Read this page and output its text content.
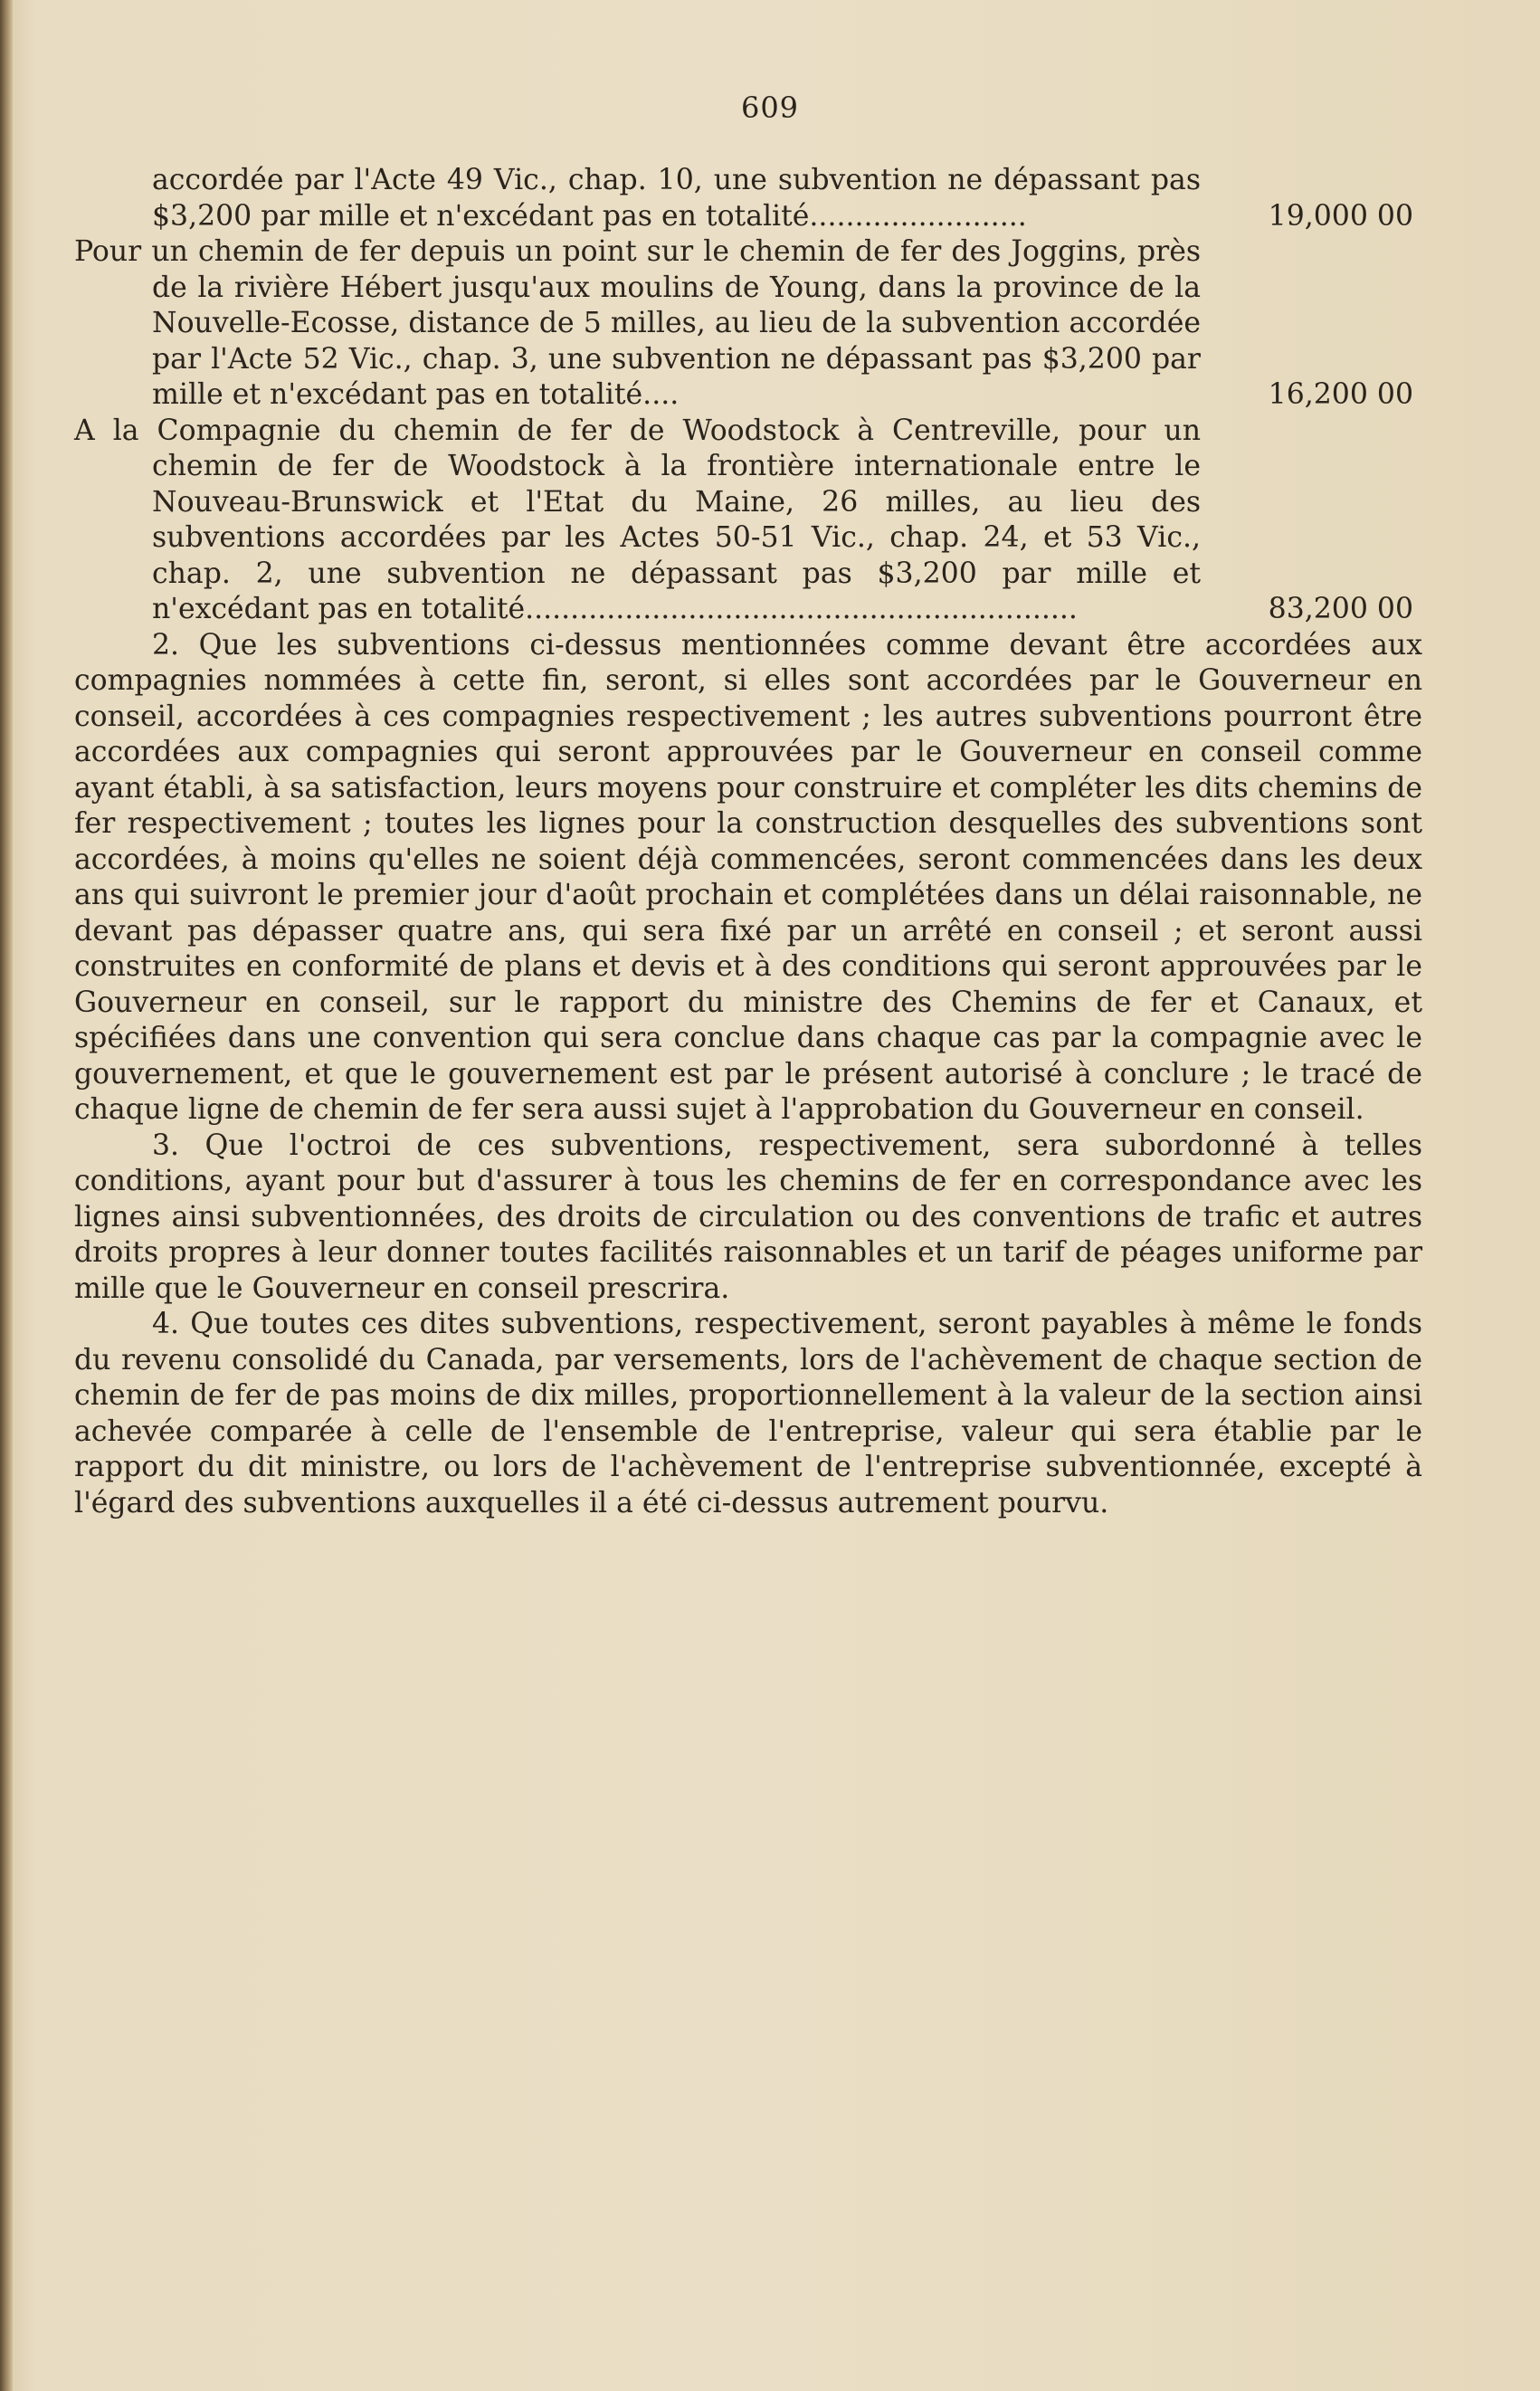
609
accordée par l'Acte 49 Vic., chap. 10, une subvention ne dépassant pas $3,200 par mille et n'excédant pas en totalité........................	19,000 00
Pour un chemin de fer depuis un point sur le chemin de fer des Joggins, près de la rivière Hébert jusqu'aux moulins de Young, dans la province de la Nouvelle-Ecosse, distance de 5 milles, au lieu de la subvention accordée par l'Acte 52 Vic., chap. 3, une subvention ne dépassant pas $3,200 par mille et n'excédant pas en totalité....	16,200 00
A la Compagnie du chemin de fer de Woodstock à Centreville, pour un chemin de fer de Woodstock à la frontière internationale entre le Nouveau-Brunswick et l'Etat du Maine, 26 milles, au lieu des subventions accordées par les Actes 50-51 Vic., chap. 24, et 53 Vic., chap. 2, une subvention ne dépassant pas $3,200 par mille et n'excédant pas en totalité.............................................................	83,200 00

2. Que les subventions ci-dessus mentionnées comme devant être accordées aux compagnies nommées à cette fin, seront, si elles sont accordées par le Gouverneur en conseil, accordées à ces compagnies respectivement ; les autres subventions pourront être accordées aux compagnies qui seront approuvées par le Gouverneur en conseil comme ayant établi, à sa satisfaction, leurs moyens pour construire et compléter les dits chemins de fer respectivement ; toutes les lignes pour la construction desquelles des subventions sont accordées, à moins qu'elles ne soient déjà commencées, seront commencées dans les deux ans qui suivront le premier jour d'août prochain et complétées dans un délai raisonnable, ne devant pas dépasser quatre ans, qui sera fixé par un arrêté en conseil ; et seront aussi construites en conformité de plans et devis et à des conditions qui seront approuvées par le Gouverneur en conseil, sur le rapport du ministre des Chemins de fer et Canaux, et spécifiées dans une convention qui sera conclue dans chaque cas par la compagnie avec le gouvernement, et que le gouvernement est par le présent autorisé à conclure ; le tracé de chaque ligne de chemin de fer sera aussi sujet à l'approbation du Gouverneur en conseil.

3. Que l'octroi de ces subventions, respectivement, sera subordonné à telles conditions, ayant pour but d'assurer à tous les chemins de fer en correspondance avec les lignes ainsi subventionnées, des droits de circulation ou des conventions de trafic et autres droits propres à leur donner toutes facilités raisonnables et un tarif de péages uniforme par mille que le Gouverneur en conseil prescrira.

4. Que toutes ces dites subventions, respectivement, seront payables à même le fonds du revenu consolidé du Canada, par versements, lors de l'achèvement de chaque section de chemin de fer de pas moins de dix milles, proportionnellement à la valeur de la section ainsi achevée comparée à celle de l'ensemble de l'entreprise, valeur qui sera établie par le rapport du dit ministre, ou lors de l'achèvement de l'entreprise subventionnée, excepté à l'égard des subventions auxquelles il a été ci-dessus autrement pourvu.
